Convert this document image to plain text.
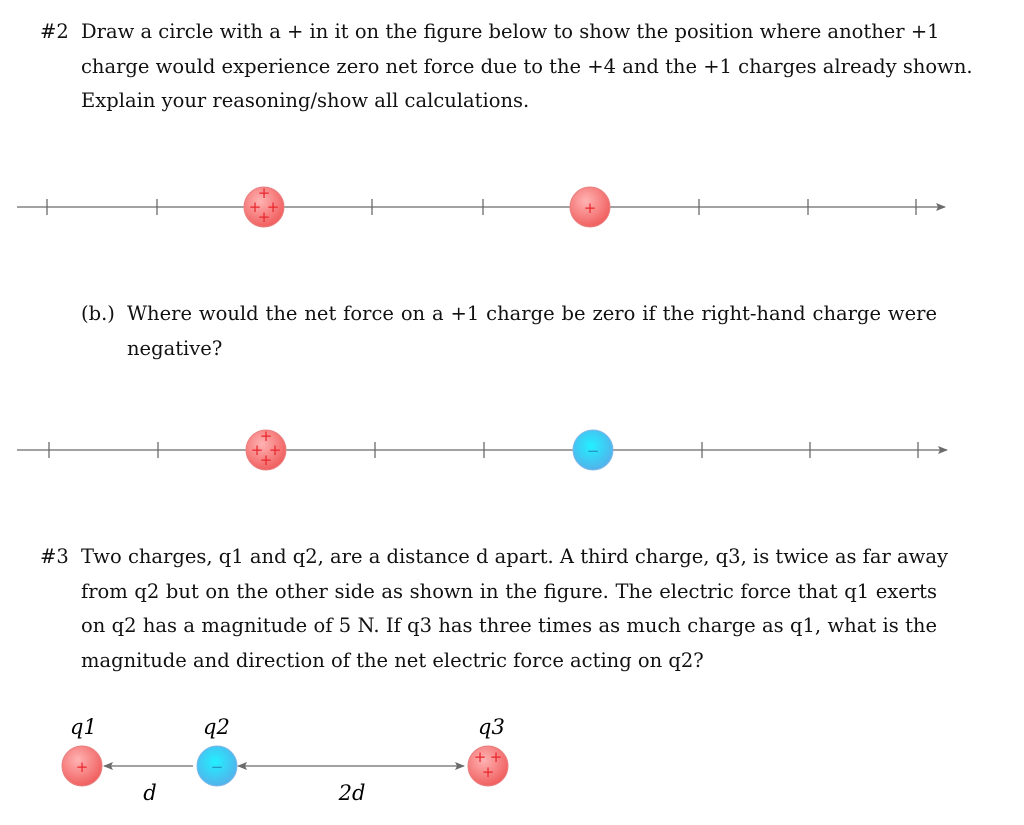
#2 Draw a circle with a + in it on the figure below to show the position where another +1
charge would experience zero net force due to the +4 and the +1 charges already shown.
Explain your reasoning/show all calculations.
(b.) Where would the net force on a +1 charge be zero if the right-hand charge were
negative?
#3 Two charges, q1 and q2, are a distance d apart. A third charge, q3, is twice as far away
from q2 but on the other side as shown in the figure. The electric force that q1 exerts
on q2 has a magnitude of 5 N. If q3 has three times as much charge as q1, what is the
magnitude and direction of the net electric force acting on q2?
+
+ +
+	+
+
+ +
+	−
q1	q2	q3
+	−
+ +
+
d	2d
